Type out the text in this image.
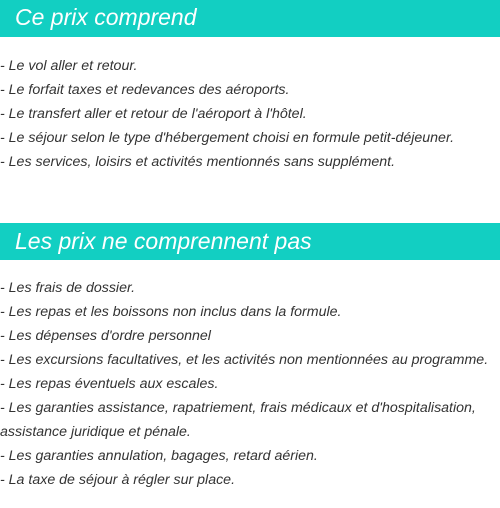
Ce prix comprend
- Le vol aller et retour.
- Le forfait taxes et redevances des aéroports.
- Le transfert aller et retour de l'aéroport à l'hôtel.
- Le séjour selon le type d'hébergement choisi en formule petit-déjeuner.
- Les services, loisirs et activités mentionnés sans supplément.
Les prix ne comprennent pas
- Les frais de dossier.
- Les repas et les boissons non inclus dans la formule.
- Les dépenses d'ordre personnel
- Les excursions facultatives, et les activités non mentionnées au programme.
- Les repas éventuels aux escales.
- Les garanties assistance, rapatriement, frais médicaux et d'hospitalisation, assistance juridique et pénale.
- Les garanties annulation, bagages, retard aérien.
- La taxe de séjour à régler sur place.
